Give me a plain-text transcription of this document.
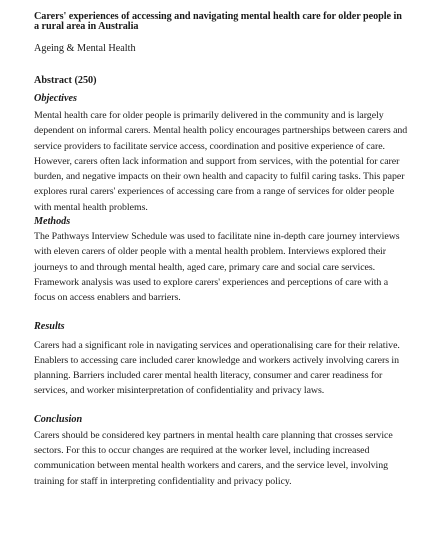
Carers' experiences of accessing and navigating mental health care for older people in a rural area in Australia

Ageing & Mental Health

Abstract (250)

Objectives

Mental health care for older people is primarily delivered in the community and is largely dependent on informal carers. Mental health policy encourages partnerships between carers and service providers to facilitate service access, coordination and positive experience of care. However, carers often lack information and support from services, with the potential for carer burden, and negative impacts on their own health and capacity to fulfil caring tasks. This paper explores rural carers' experiences of accessing care from a range of services for older people with mental health problems.

Methods

The Pathways Interview Schedule was used to facilitate nine in-depth care journey interviews with eleven carers of older people with a mental health problem. Interviews explored their journeys to and through mental health, aged care, primary care and social care services. Framework analysis was used to explore carers' experiences and perceptions of care with a focus on access enablers and barriers.

Results

Carers had a significant role in navigating services and operationalising care for their relative. Enablers to accessing care included carer knowledge and workers actively involving carers in planning. Barriers included carer mental health literacy, consumer and carer readiness for services, and worker misinterpretation of confidentiality and privacy laws.

Conclusion

Carers should be considered key partners in mental health care planning that crosses service sectors. For this to occur changes are required at the worker level, including increased communication between mental health workers and carers, and the service level, involving training for staff in interpreting confidentiality and privacy policy.
